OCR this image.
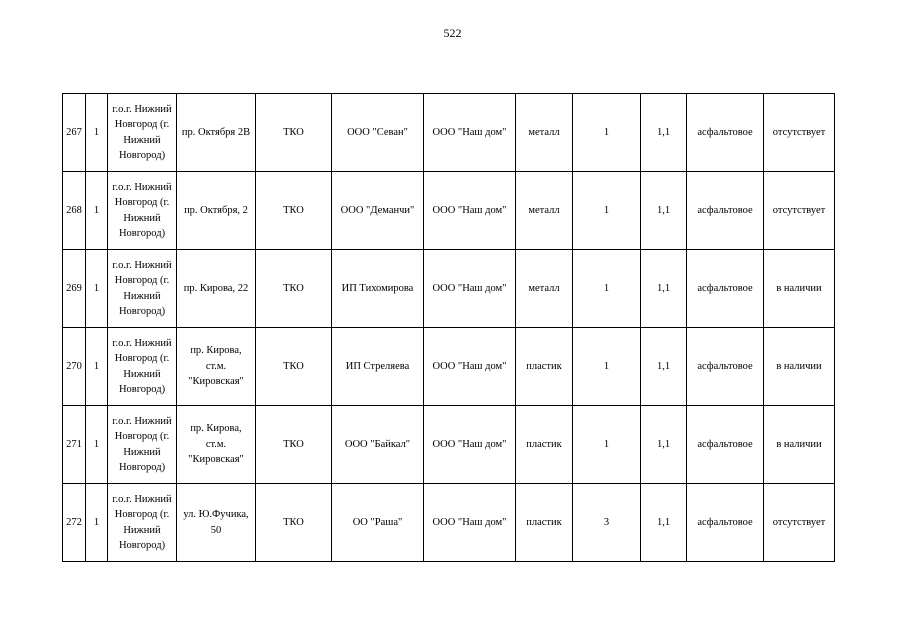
522
267	1	г.о.г. Нижний Новгород (г. Нижний Новгород)	пр. Октября 2В	ТКО	ООО "Севан"	ООО "Наш дом"	металл	1	1,1	асфальтовое	отсутствует
268	1	г.о.г. Нижний Новгород (г. Нижний Новгород)	пр. Октября, 2	ТКО	ООО "Деманчи"	ООО "Наш дом"	металл	1	1,1	асфальтовое	отсутствует
269	1	г.о.г. Нижний Новгород (г. Нижний Новгород)	пр. Кирова, 22	ТКО	ИП Тихомирова	ООО "Наш дом"	металл	1	1,1	асфальтовое	в наличии
270	1	г.о.г. Нижний Новгород (г. Нижний Новгород)	пр. Кирова, ст.м. "Кировская"	ТКО	ИП Стреляева	ООО "Наш дом"	пластик	1	1,1	асфальтовое	в наличии
271	1	г.о.г. Нижний Новгород (г. Нижний Новгород)	пр. Кирова, ст.м. "Кировская"	ТКО	ООО "Байкал"	ООО "Наш дом"	пластик	1	1,1	асфальтовое	в наличии
272	1	г.о.г. Нижний Новгород (г. Нижний Новгород)	ул. Ю.Фучика, 50	ТКО	ОО "Раша"	ООО "Наш дом"	пластик	3	1,1	асфальтовое	отсутствует
